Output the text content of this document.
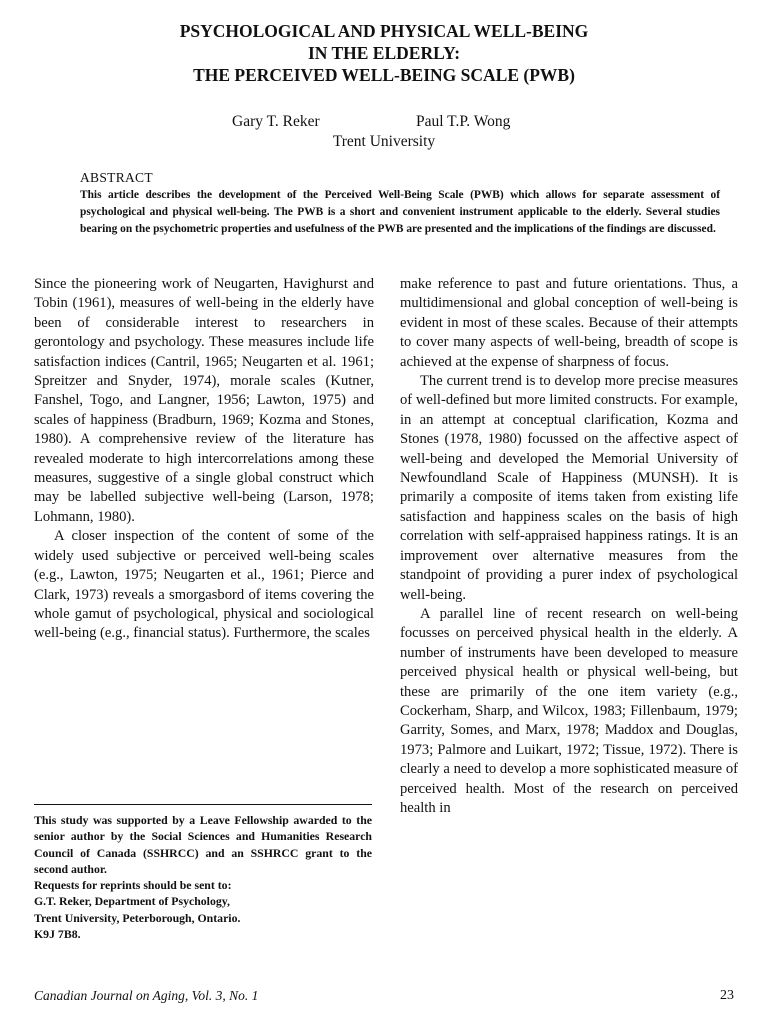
PSYCHOLOGICAL AND PHYSICAL WELL-BEING
IN THE ELDERLY:
THE PERCEIVED WELL-BEING SCALE (PWB)
Gary T. Reker	Paul T.P. Wong
Trent University
ABSTRACT
This article describes the development of the Perceived Well-Being Scale (PWB) which allows for separate assessment of psychological and physical well-being. The PWB is a short and convenient instrument applicable to the elderly. Several studies bearing on the psychometric properties and usefulness of the PWB are presented and the implications of the findings are discussed.

Since the pioneering work of Neugarten, Havighurst and Tobin (1961), measures of well-being in the elderly have been of considerable interest to researchers in gerontology and psychology. These measures include life satisfaction indices (Cantril, 1965; Neugarten et al. 1961; Spreitzer and Snyder, 1974), morale scales (Kutner, Fanshel, Togo, and Langner, 1956; Lawton, 1975) and scales of happiness (Bradburn, 1969; Kozma and Stones, 1980). A comprehensive review of the literature has revealed moderate to high intercorrelations among these measures, suggestive of a single global construct which may be labelled subjective well-being (Larson, 1978; Lohmann, 1980).

A closer inspection of the content of some of the widely used subjective or perceived well-being scales (e.g., Lawton, 1975; Neugarten et al., 1961; Pierce and Clark, 1973) reveals a smorgasbord of items covering the whole gamut of psychological, physical and sociological well-being (e.g., financial status). Furthermore, the scales

make reference to past and future orientations. Thus, a multidimensional and global conception of well-being is evident in most of these scales. Because of their attempts to cover many aspects of well-being, breadth of scope is achieved at the expense of sharpness of focus.

The current trend is to develop more precise measures of well-defined but more limited constructs. For example, in an attempt at conceptual clarification, Kozma and Stones (1978, 1980) focussed on the affective aspect of well-being and developed the Memorial University of Newfoundland Scale of Happiness (MUNSH). It is primarily a composite of items taken from existing life satisfaction and happiness scales on the basis of high correlation with self-appraised happiness ratings. It is an improvement over alternative measures from the standpoint of providing a purer index of psychological well-being.

A parallel line of recent research on well-being focusses on perceived physical health in the elderly. A number of instruments have been developed to measure perceived physical health or physical well-being, but these are primarily of the one item variety (e.g., Cockerham, Sharp, and Wilcox, 1983; Fillenbaum, 1979; Garrity, Somes, and Marx, 1978; Maddox and Douglas, 1973; Palmore and Luikart, 1972; Tissue, 1972). There is clearly a need to develop a more sophisticated measure of perceived health. Most of the research on perceived health in

This study was supported by a Leave Fellowship awarded to the senior author by the Social Sciences and Humanities Research Council of Canada (SSHRCC) and an SSHRCC grant to the second author.

Requests for reprints should be sent to:

G.T. Reker, Department of Psychology,

Trent University, Peterborough, Ontario.

K9J 7B8.

Canadian Journal on Aging, Vol. 3, No. 1	23
